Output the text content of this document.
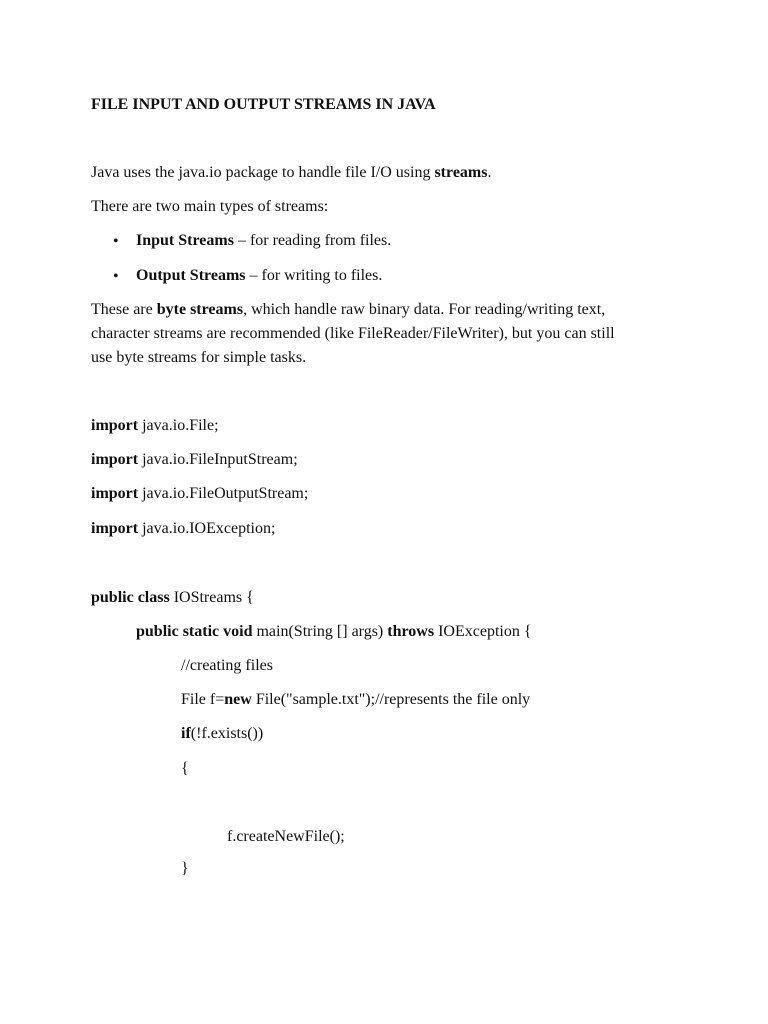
FILE INPUT AND OUTPUT STREAMS IN JAVA
Java uses the java.io package to handle file I/O using streams.
There are two main types of streams:
• Input Streams – for reading from files.
• Output Streams – for writing to files.
These are byte streams, which handle raw binary data. For reading/writing text,
character streams are recommended (like FileReader/FileWriter), but you can still
use byte streams for simple tasks.
import java.io.File;
import java.io.FileInputStream;
import java.io.FileOutputStream;
import java.io.IOException;
public class IOStreams {
public static void main(String [] args) throws IOException {
//creating files
File f=new File("sample.txt");//represents the file only
if(!f.exists())
{
f.createNewFile();
}
